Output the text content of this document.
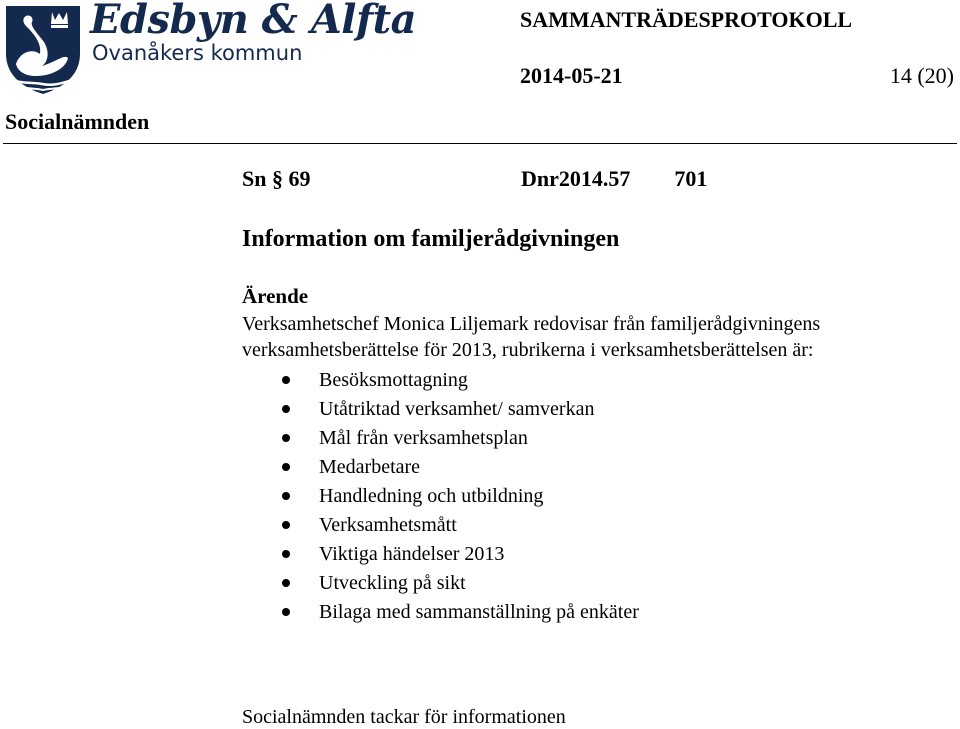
Edsbyn & Alfta
Ovanåkers kommun
SAMMANTRÄDESPROTOKOLL
2014-05-21	14 (20)
Socialnämnden
Sn § 69	Dnr2014.57        701
Information om familjerådgivningen
Ärende
Verksamhetschef Monica Liljemark redovisar från familjerådgivningens
verksamhetsberättelse för 2013, rubrikerna i verksamhetsberättelsen är:
Besöksmottagning
Utåtriktad verksamhet/ samverkan
Mål från verksamhetsplan
Medarbetare
Handledning och utbildning
Verksamhetsmått
Viktiga händelser 2013
Utveckling på sikt
Bilaga med sammanställning på enkäter
Socialnämnden tackar för informationen
